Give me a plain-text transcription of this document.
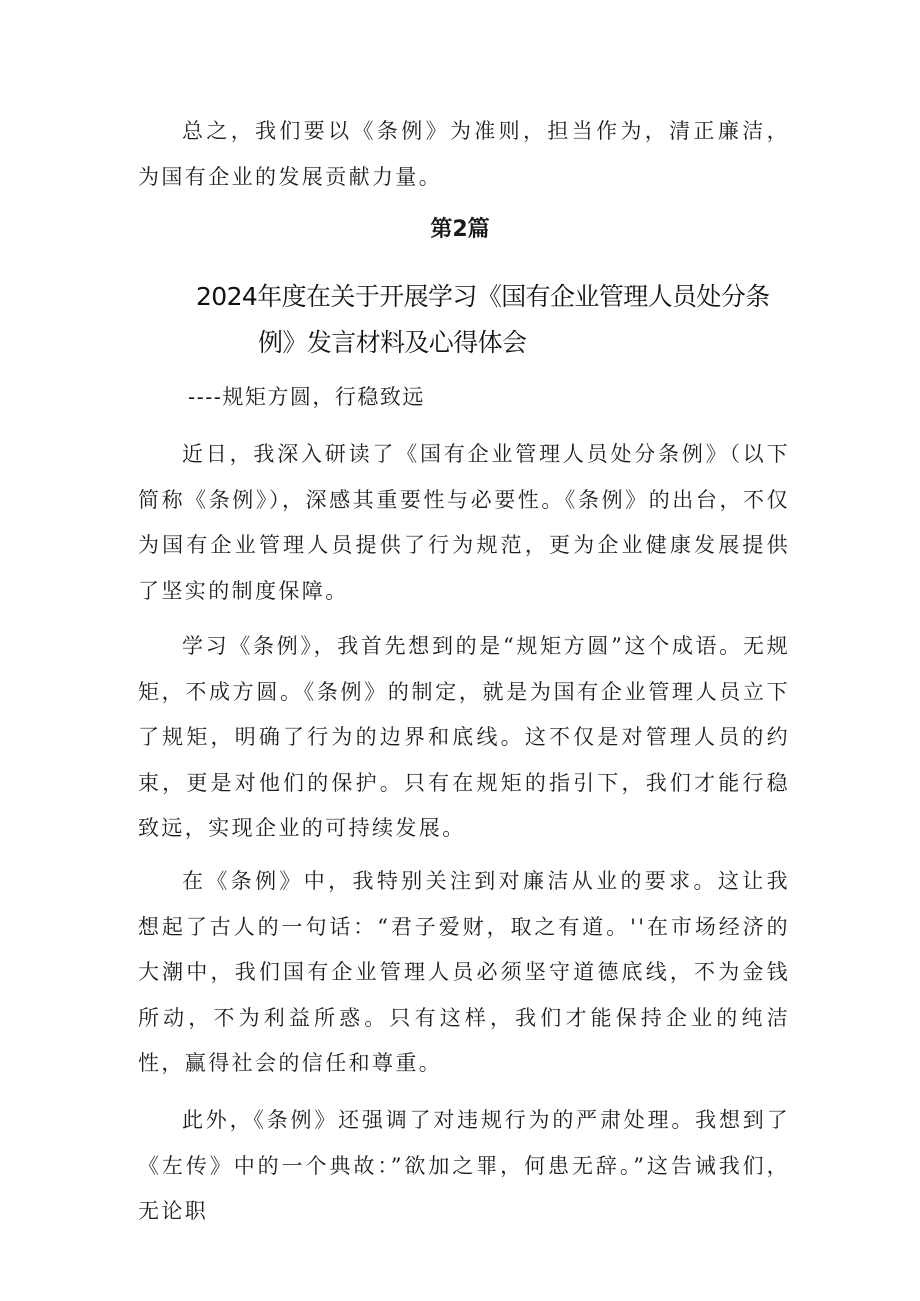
总之，我们要以《条例》为准则，担当作为，清正廉洁，为国有企业的发展贡献力量。

第2篇
2024年度在关于开展学习《国有企业管理人员处分条
例》发言材料及心得体会

----规矩方圆，行稳致远

近日，我深入研读了《国有企业管理人员处分条例》（以下简称《条例》），深感其重要性与必要性。《条例》的出台，不仅为国有企业管理人员提供了行为规范，更为企业健康发展提供了坚实的制度保障。

学习《条例》，我首先想到的是“规矩方圆”这个成语。无规矩，不成方圆。《条例》的制定，就是为国有企业管理人员立下了规矩，明确了行为的边界和底线。这不仅是对管理人员的约束，更是对他们的保护。只有在规矩的指引下，我们才能行稳致远，实现企业的可持续发展。

在《条例》中，我特别关注到对廉洁从业的要求。这让我想起了古人的一句话：“君子爱财，取之有道。''在市场经济的大潮中，我们国有企业管理人员必须坚守道德底线，不为金钱所动，不为利益所惑。只有这样，我们才能保持企业的纯洁性，赢得社会的信任和尊重。

此外，《条例》还强调了对违规行为的严肃处理。我想到了《左传》中的一个典故：”欲加之罪，何患无辞。”这告诫我们，无论职
